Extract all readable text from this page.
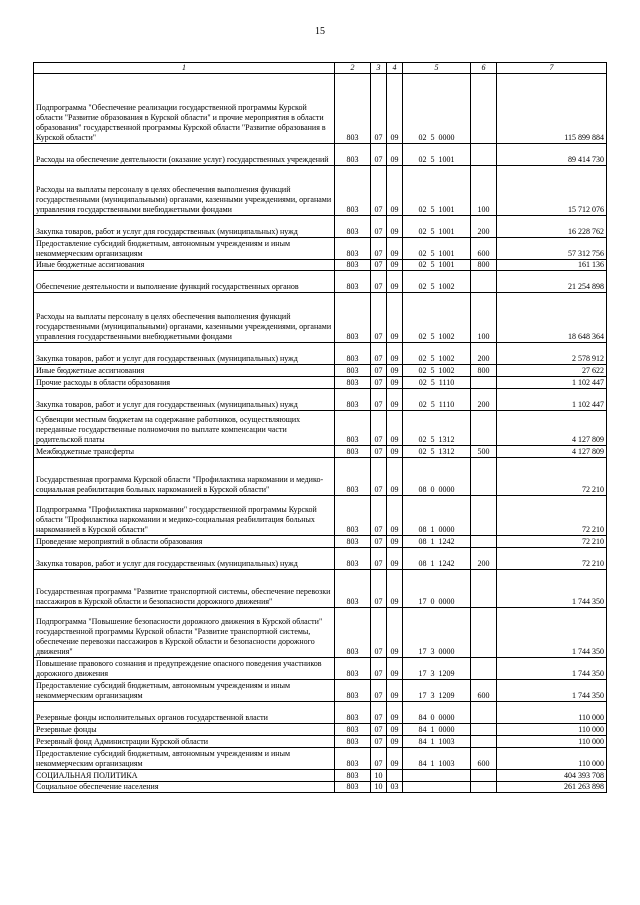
15
1	2	3	4	5	6	7
Подпрограмма "Обеспечение реализации государственной программы Курской области "Развитие образования в Курской области" и прочие мероприятия в области образования" государственной программы Курской области "Развитие образования в Курской области"	803	07	09	02 5 0000		115 899 884
Расходы на обеспечение деятельности (оказание услуг) государственных учреждений	803	07	09	02 5 1001		89 414 730
Расходы на выплаты персоналу в целях обеспечения выполнения функций государственными (муниципальными) органами, казенными учреждениями, органами управления государственными внебюджетными фондами	803	07	09	02 5 1001	100	15 712 076
Закупка товаров, работ и услуг для государственных (муниципальных) нужд	803	07	09	02 5 1001	200	16 228 762
Предоставление субсидий бюджетным, автономным учреждениям и иным некоммерческим организациям	803	07	09	02 5 1001	600	57 312 756
Иные бюджетные ассигнования	803	07	09	02 5 1001	800	161 136
Обеспечение деятельности и выполнение функций государственных органов	803	07	09	02 5 1002		21 254 898
Расходы на выплаты персоналу в целях обеспечения выполнения функций государственными (муниципальными) органами, казенными учреждениями, органами управления государственными внебюджетными фондами	803	07	09	02 5 1002	100	18 648 364
Закупка товаров, работ и услуг для государственных (муниципальных) нужд	803	07	09	02 5 1002	200	2 578 912
Иные бюджетные ассигнования	803	07	09	02 5 1002	800	27 622
Прочие расходы в области образования	803	07	09	02 5 1110		1 102 447
Закупка товаров, работ и услуг для государственных (муниципальных) нужд	803	07	09	02 5 1110	200	1 102 447
Субвенции местным бюджетам на содержание работников, осуществляющих переданные государственные полномочия по выплате компенсации части родительской платы	803	07	09	02 5 1312		4 127 809
Межбюджетные трансферты	803	07	09	02 5 1312	500	4 127 809
Государственная программа Курской области "Профилактика наркомании и медико-социальная реабилитация больных наркоманией в Курской области"	803	07	09	08 0 0000		72 210
Подпрограмма "Профилактика наркомании" государственной программы Курской области "Профилактика наркомании и медико-социальная реабилитация больных наркоманией в Курской области"	803	07	09	08 1 0000		72 210
Проведение мероприятий в области образования	803	07	09	08 1 1242		72 210
Закупка товаров, работ и услуг для государственных (муниципальных) нужд	803	07	09	08 1 1242	200	72 210
Государственная программа "Развитие транспортной системы, обеспечение перевозки пассажиров в Курской области и безопасности дорожного движения"	803	07	09	17 0 0000		1 744 350
Подпрограмма "Повышение безопасности дорожного движения в Курской области" государственной программы Курской области "Развитие транспортной системы, обеспечение перевозки пассажиров в Курской области и безопасности дорожного движения"	803	07	09	17 3 0000		1 744 350
Повышение правового сознания и предупреждение опасного поведения участников дорожного движения	803	07	09	17 3 1209		1 744 350
Предоставление субсидий бюджетным, автономным учреждениям и иным некоммерческим организациям	803	07	09	17 3 1209	600	1 744 350
Резервные фонды исполнительных органов государственной власти	803	07	09	84 0 0000		110 000
Резервные фонды	803	07	09	84 1 0000		110 000
Резервный фонд Администрации Курской области	803	07	09	84 1 1003		110 000
Предоставление субсидий бюджетным, автономным учреждениям и иным некоммерческим организациям	803	07	09	84 1 1003	600	110 000
СОЦИАЛЬНАЯ ПОЛИТИКА	803	10				404 393 708
Социальное обеспечение населения	803	10	03			261 263 898
